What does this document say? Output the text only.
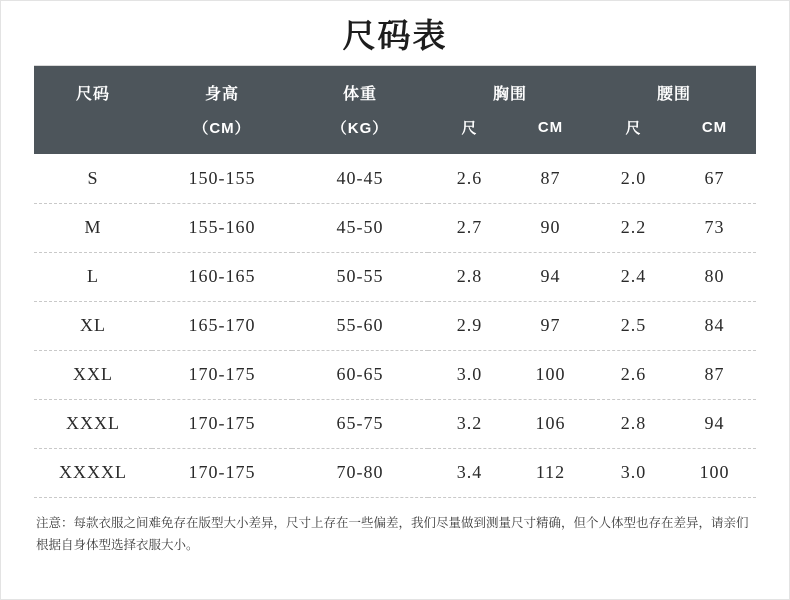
尺码表
尺码	身高	体重	胸围	腰围
	（CM）	（KG）	尺 CM	尺 CM

S	150-155	40-45	2.6 87	2.0 67

M	155-160	45-50	2.7 90	2.2 73

L	160-165	50-55	2.8 94	2.4 80

XL	165-170	55-60	2.9 97	2.5 84

XXL	170-175	60-65	3.0 100	2.6 87

XXXL	170-175	65-75	3.2 106	2.8 94

XXXXL	170-175	70-80	3.4 112	3.0 100
注意：每款衣服之间难免存在版型大小差异，尺寸上存在一些偏差，我们尽量做到测量尺寸精确，但个人体型也存在差异，请亲们根据自身体型选择衣服大小。
